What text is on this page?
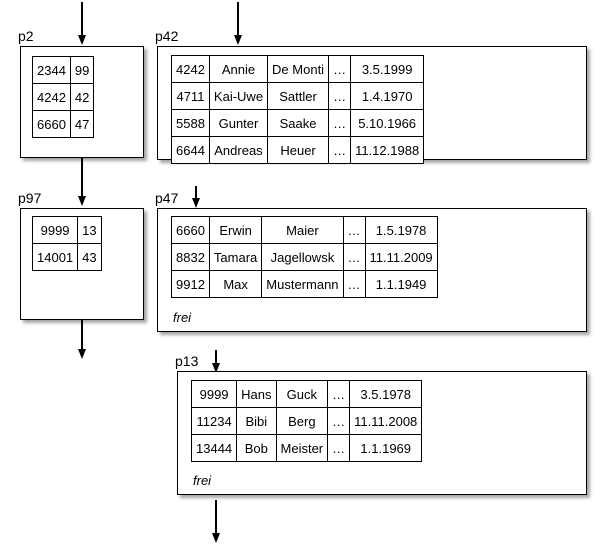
p2
2344	99
4242	42
6660	47
p42
4242	Annie	De Monti	…	3.5.1999
4711	Kai-Uwe	Sattler	…	1.4.1970
5588	Gunter	Saake	…	5.10.1966
6644	Andreas	Heuer	…	11.12.1988
p97
9999	13
14001	43
p47
6660	Erwin	Maier	…	1.5.1978
8832	Tamara	Jagellowsk	…	11.11.2009
9912	Max	Mustermann	…	1.1.1949
frei
p13
9999	Hans	Guck	…	3.5.1978
11234	Bibi	Berg	…	11.11.2008
13444	Bob	Meister	…	1.1.1969
frei
